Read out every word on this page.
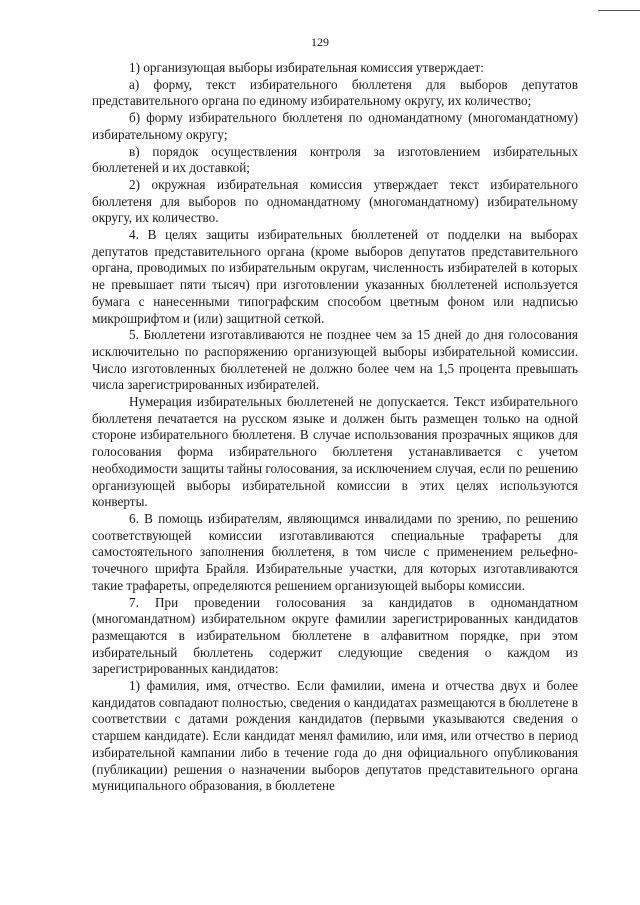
129

1) организующая выборы избирательная комиссия утверждает:

а) форму, текст избирательного бюллетеня для выборов депутатов представительного органа по единому избирательному округу, их количество;

б) форму избирательного бюллетеня по одномандатному (многомандатному) избирательному округу;

в) порядок осуществления контроля за изготовлением избирательных бюллетеней и их доставкой;

2) окружная избирательная комиссия утверждает текст избирательного бюллетеня для выборов по одномандатному (многомандатному) избирательному округу, их количество.

4. В целях защиты избирательных бюллетеней от подделки на выборах депутатов представительного органа (кроме выборов депутатов представительного органа, проводимых по избирательным округам, численность избирателей в которых не превышает пяти тысяч) при изготовлении указанных бюллетеней используется бумага с нанесенными типографским способом цветным фоном или надписью микрошрифтом и (или) защитной сеткой.

5. Бюллетени изготавливаются не позднее чем за 15 дней до дня голосования исключительно по распоряжению организующей выборы избирательной комиссии. Число изготовленных бюллетеней не должно более чем на 1,5 процента превышать числа зарегистрированных избирателей.

Нумерация избирательных бюллетеней не допускается. Текст избирательного бюллетеня печатается на русском языке и должен быть размещен только на одной стороне избирательного бюллетеня. В случае использования прозрачных ящиков для голосования форма избирательного бюллетеня устанавливается с учетом необходимости защиты тайны голосования, за исключением случая, если по решению организующей выборы избирательной комиссии в этих целях используются конверты.

6. В помощь избирателям, являющимся инвалидами по зрению, по решению соответствующей комиссии изготавливаются специальные трафареты для самостоятельного заполнения бюллетеня, в том числе с применением рельефно-точечного шрифта Брайля. Избирательные участки, для которых изготавливаются такие трафареты, определяются решением организующей выборы комиссии.

7. При проведении голосования за кандидатов в одномандатном (многомандатном) избирательном округе фамилии зарегистрированных кандидатов размещаются в избирательном бюллетене в алфавитном порядке, при этом избирательный бюллетень содержит следующие сведения о каждом из зарегистрированных кандидатов:

1) фамилия, имя, отчество. Если фамилии, имена и отчества двух и более кандидатов совпадают полностью, сведения о кандидатах размещаются в бюллетене в соответствии с датами рождения кандидатов (первыми указываются сведения о старшем кандидате). Если кандидат менял фамилию, или имя, или отчество в период избирательной кампании либо в течение года до дня официального опубликования (публикации) решения о назначении выборов депутатов представительного органа муниципального образования, в бюллетене
